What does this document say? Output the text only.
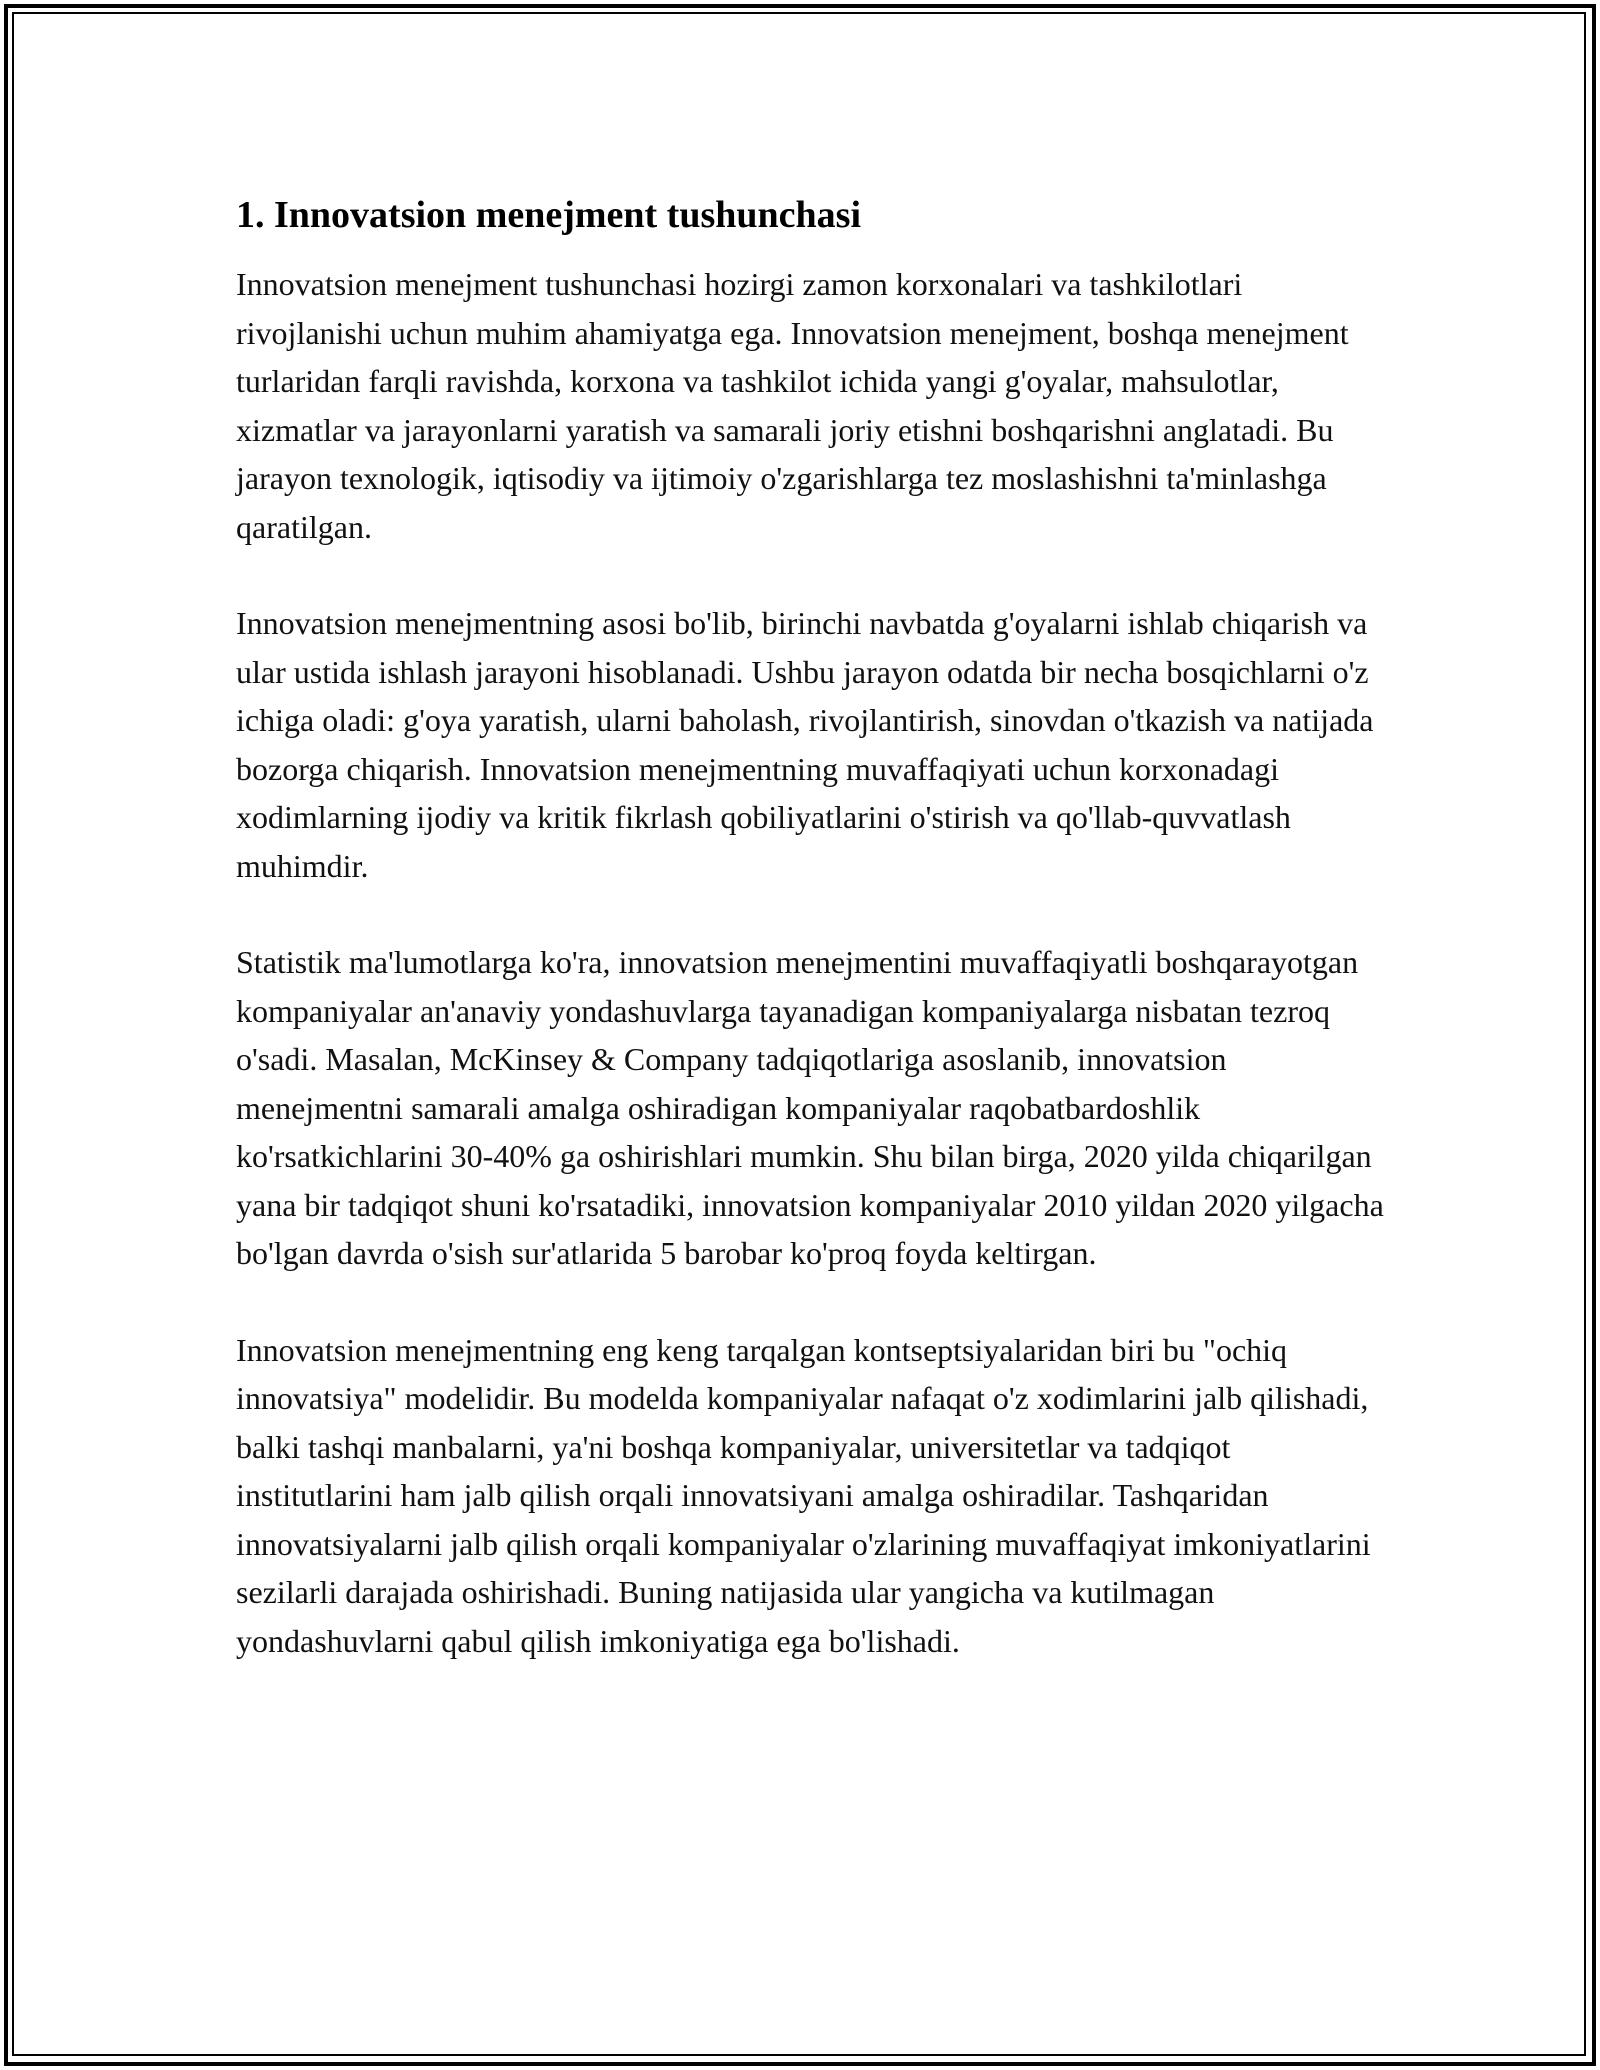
1. Innovatsion menejment tushunchasi

Innovatsion menejment tushunchasi hozirgi zamon korxonalari va tashkilotlari rivojlanishi uchun muhim ahamiyatga ega. Innovatsion menejment, boshqa menejment turlaridan farqli ravishda, korxona va tashkilot ichida yangi g'oyalar, mahsulotlar, xizmatlar va jarayonlarni yaratish va samarali joriy etishni boshqarishni anglatadi. Bu jarayon texnologik, iqtisodiy va ijtimoiy o'zgarishlarga tez moslashishni ta'minlashga qaratilgan.

Innovatsion menejmentning asosi bo'lib, birinchi navbatda g'oyalarni ishlab chiqarish va ular ustida ishlash jarayoni hisoblanadi. Ushbu jarayon odatda bir necha bosqichlarni o'z ichiga oladi: g'oya yaratish, ularni baholash, rivojlantirish, sinovdan o'tkazish va natijada bozorga chiqarish. Innovatsion menejmentning muvaffaqiyati uchun korxonadagi xodimlarning ijodiy va kritik fikrlash qobiliyatlarini o'stirish va qo'llab-quvvatlash muhimdir.

Statistik ma'lumotlarga ko'ra, innovatsion menejmentini muvaffaqiyatli boshqarayotgan kompaniyalar an'anaviy yondashuvlarga tayanadigan kompaniyalarga nisbatan tezroq o'sadi. Masalan, McKinsey & Company tadqiqotlariga asoslanib, innovatsion menejmentni samarali amalga oshiradigan kompaniyalar raqobatbardoshlik ko'rsatkichlarini 30-40% ga oshirishlari mumkin. Shu bilan birga, 2020 yilda chiqarilgan yana bir tadqiqot shuni ko'rsatadiki, innovatsion kompaniyalar 2010 yildan 2020 yilgacha bo'lgan davrda o'sish sur'atlarida 5 barobar ko'proq foyda keltirgan.

Innovatsion menejmentning eng keng tarqalgan kontseptsiyalaridan biri bu "ochiq innovatsiya" modelidir. Bu modelda kompaniyalar nafaqat o'z xodimlarini jalb qilishadi, balki tashqi manbalarni, ya'ni boshqa kompaniyalar, universitetlar va tadqiqot institutlarini ham jalb qilish orqali innovatsiyani amalga oshiradilar. Tashqaridan innovatsiyalarni jalb qilish orqali kompaniyalar o'zlarining muvaffaqiyat imkoniyatlarini sezilarli darajada oshirishadi. Buning natijasida ular yangicha va kutilmagan yondashuvlarni qabul qilish imkoniyatiga ega bo'lishadi.
